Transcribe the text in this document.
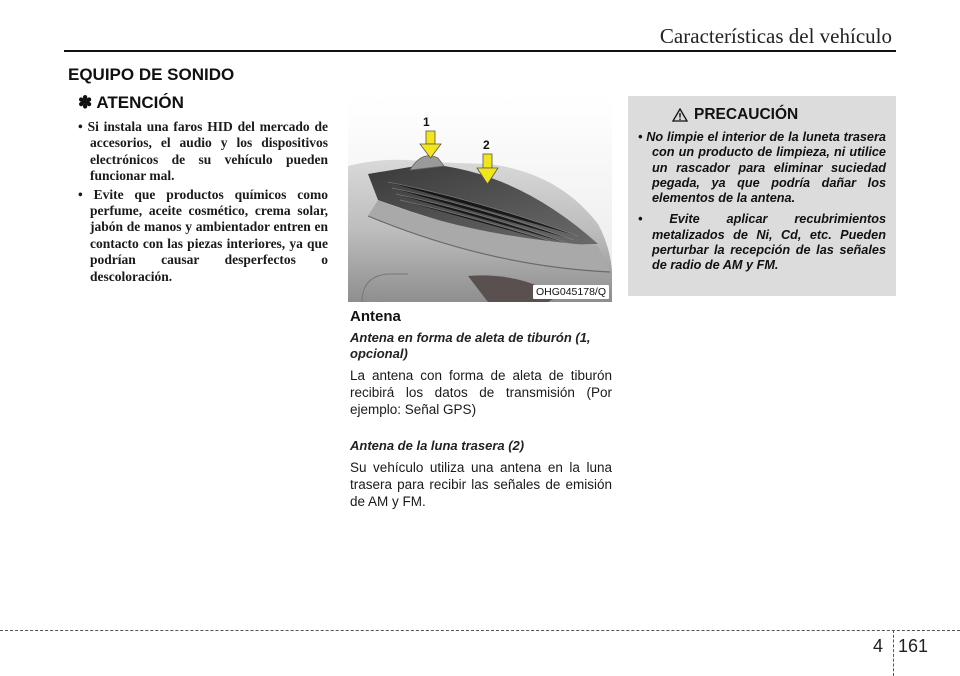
Características del vehículo
EQUIPO DE SONIDO
✽ ATENCIÓN
• Si instala una faros HID del mercado de accesorios, el audio y los dispositivos electrónicos de su vehículo pueden funcionar mal.
• Evite que productos químicos como perfume, aceite cosmético, crema solar, jabón de manos y ambientador entren en contacto con las piezas interiores, ya que podrían causar desperfectos o descoloración.
1
2
OHG045178/Q
Antena
Antena en forma de aleta de tiburón (1, opcional)

La antena con forma de aleta de tiburón recibirá los datos de transmisión (Por ejemplo: Señal GPS)

Antena de la luna trasera (2)

Su vehículo utiliza una antena en la luna trasera para recibir las señales de emisión de AM y FM.

PRECAUCIÓN
• No limpie el interior de la luneta trasera con un producto de limpieza, ni utilice un rascador para eliminar suciedad pegada, ya que podría dañar los elementos de la antena.
• Evite aplicar recubrimientos metalizados de Ni, Cd, etc. Pueden perturbar la recepción de las señales de radio de AM y FM.
4 161
